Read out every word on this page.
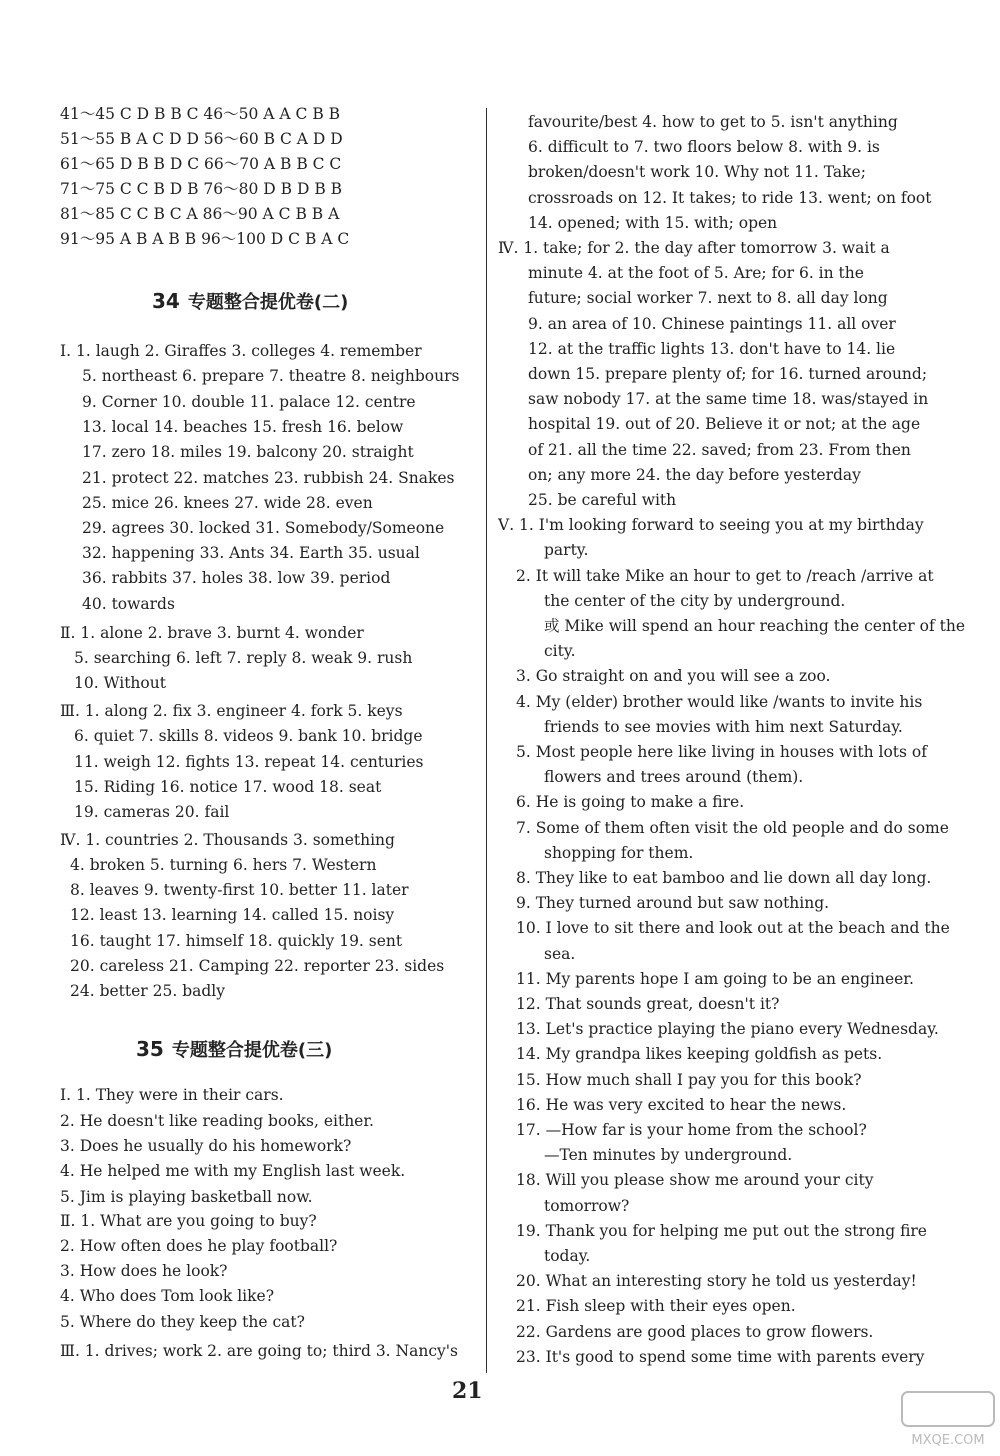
41～45 C D B B C 46～50 A A C B B
51～55 B A C D D 56～60 B C A D D
61～65 D B B D C 66～70 A B B C C
71～75 C C B D B 76～80 D B D B B
81～85 C C B C A 86～90 A C B B A
91～95 A B A B B 96～100 D C B A C
Ⅰ. 1. laugh 2. Giraffes 3. colleges 4. remember
5. northeast 6. prepare 7. theatre 8. neighbours
9. Corner 10. double 11. palace 12. centre
13. local 14. beaches 15. fresh 16. below
17. zero 18. miles 19. balcony 20. straight
21. protect 22. matches 23. rubbish 24. Snakes
25. mice 26. knees 27. wide 28. even
29. agrees 30. locked 31. Somebody/Someone
32. happening 33. Ants 34. Earth 35. usual
36. rabbits 37. holes 38. low 39. period
40. towards
Ⅱ. 1. alone 2. brave 3. burnt 4. wonder
5. searching 6. left 7. reply 8. weak 9. rush
10. Without
Ⅲ. 1. along 2. fix 3. engineer 4. fork 5. keys
6. quiet 7. skills 8. videos 9. bank 10. bridge
11. weigh 12. fights 13. repeat 14. centuries
15. Riding 16. notice 17. wood 18. seat
19. cameras 20. fail
Ⅳ. 1. countries 2. Thousands 3. something
4. broken 5. turning 6. hers 7. Western
8. leaves 9. twenty-first 10. better 11. later
12. least 13. learning 14. called 15. noisy
16. taught 17. himself 18. quickly 19. sent
20. careless 21. Camping 22. reporter 23. sides
24. better 25. badly
Ⅰ. 1. They were in their cars.
2. He doesn't like reading books, either.
3. Does he usually do his homework?
4. He helped me with my English last week.
5. Jim is playing basketball now.
Ⅱ. 1. What are you going to buy?
2. How often does he play football?
3. How does he look?
4. Who does Tom look like?
5. Where do they keep the cat?
Ⅲ. 1. drives; work 2. are going to; third 3. Nancy's
favourite/best 4. how to get to 5. isn't anything
6. difficult to 7. two floors below 8. with 9. is
broken/doesn't work 10. Why not 11. Take;
crossroads on 12. It takes; to ride 13. went; on foot
14. opened; with 15. with; open
Ⅳ. 1. take; for 2. the day after tomorrow 3. wait a
minute 4. at the foot of 5. Are; for 6. in the
future; social worker 7. next to 8. all day long
9. an area of 10. Chinese paintings 11. all over
12. at the traffic lights 13. don't have to 14. lie
down 15. prepare plenty of; for 16. turned around;
saw nobody 17. at the same time 18. was/stayed in
hospital 19. out of 20. Believe it or not; at the age
of 21. all the time 22. saved; from 23. From then
on; any more 24. the day before yesterday
25. be careful with
Ⅴ. 1. I'm looking forward to seeing you at my birthday
party.
2. It will take Mike an hour to get to /reach /arrive at
the center of the city by underground.
或 Mike will spend an hour reaching the center of the
city.
3. Go straight on and you will see a zoo.
4. My (elder) brother would like /wants to invite his
friends to see movies with him next Saturday.
5. Most people here like living in houses with lots of
flowers and trees around (them).
6. He is going to make a fire.
7. Some of them often visit the old people and do some
shopping for them.
8. They like to eat bamboo and lie down all day long.
9. They turned around but saw nothing.
10. I love to sit there and look out at the beach and the
sea.
11. My parents hope I am going to be an engineer.
12. That sounds great, doesn't it?
13. Let's practice playing the piano every Wednesday.
14. My grandpa likes keeping goldfish as pets.
15. How much shall I pay you for this book?
16. He was very excited to hear the news.
17. —How far is your home from the school?
—Ten minutes by underground.
18. Will you please show me around your city
tomorrow?
19. Thank you for helping me put out the strong fire
today.
20. What an interesting story he told us yesterday!
21. Fish sleep with their eyes open.
22. Gardens are good places to grow flowers.
23. It's good to spend some time with parents every
34 专题整合提优卷(二)
35 专题整合提优卷(三)
21
MXQE.COM
